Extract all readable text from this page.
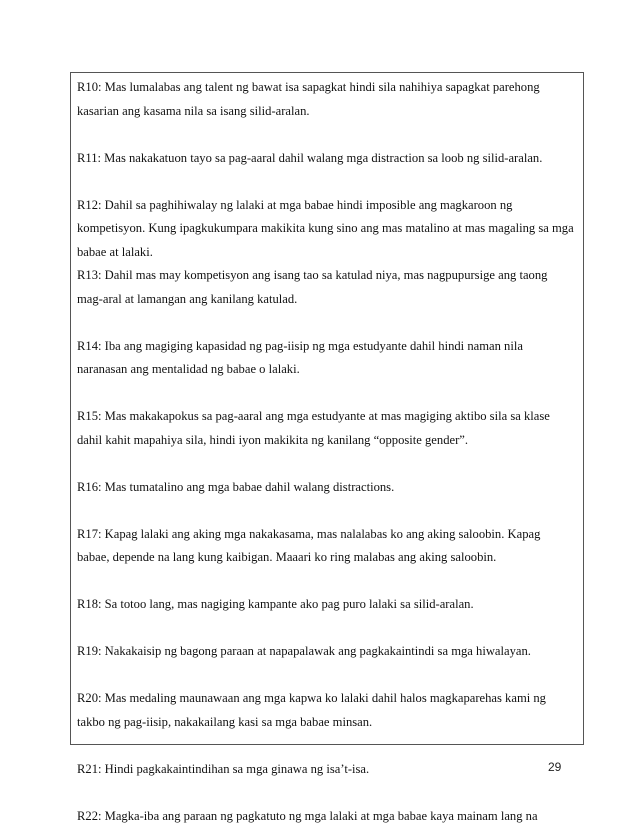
R10: Mas lumalabas ang talent ng bawat isa sapagkat hindi sila nahihiya sapagkat parehong kasarian ang kasama nila sa isang silid-aralan.

R11: Mas nakakatuon tayo sa pag-aaral dahil walang mga distraction sa loob ng silid-aralan.

R12: Dahil sa paghihiwalay ng lalaki at mga babae hindi imposible ang magkaroon ng kompetisyon. Kung ipagkukumpara makikita kung sino ang mas matalino at mas magaling sa mga babae at lalaki.

R13: Dahil mas may kompetisyon ang isang tao sa katulad niya, mas nagpupursige ang taong mag-aral at lamangan ang kanilang katulad.

R14: Iba ang magiging kapasidad ng pag-iisip ng mga estudyante dahil hindi naman nila naranasan ang mentalidad ng babae o lalaki.

R15: Mas makakapokus sa pag-aaral ang mga estudyante at mas magiging aktibo sila sa klase dahil kahit mapahiya sila, hindi iyon makikita ng kanilang “opposite gender”.

R16: Mas tumatalino ang mga babae dahil walang distractions.

R17: Kapag lalaki ang aking mga nakakasama, mas nalalabas ko ang aking saloobin. Kapag babae, depende na lang kung kaibigan. Maaari ko ring malabas ang aking saloobin.

R18: Sa totoo lang, mas nagiging kampante ako pag puro lalaki sa silid-aralan.

R19: Nakakaisip ng bagong paraan at napapalawak ang pagkakaintindi sa mga hiwalayan.

R20: Mas medaling maunawaan ang mga kapwa ko lalaki dahil halos magkaparehas kami ng takbo ng pag-iisip, nakakailang kasi sa mga babae minsan.

R21: Hindi pagkakaintindihan sa mga ginawa ng isa’t-isa.

R22: Magka-iba ang paraan ng pagkatuto ng mga lalaki at mga babae kaya mainam lang na

29
